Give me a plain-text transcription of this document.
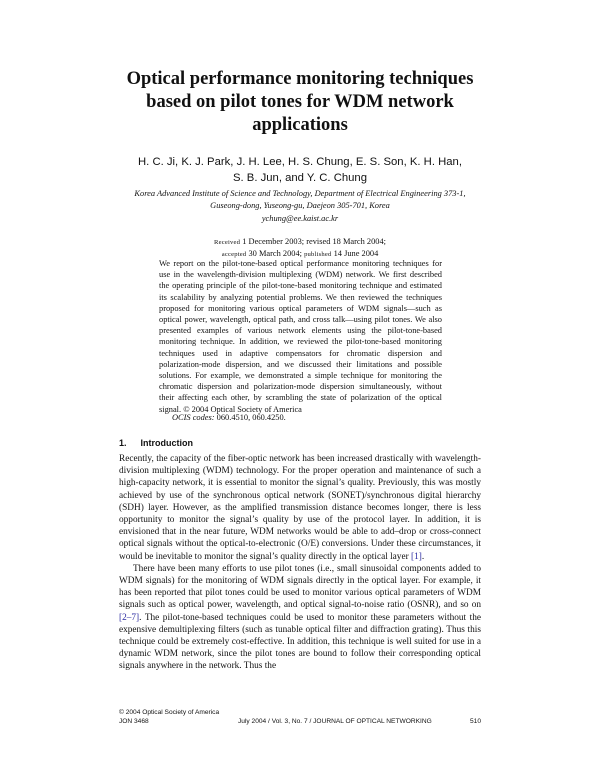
Optical performance monitoring techniques
based on pilot tones for WDM network
applications
H. C. Ji, K. J. Park, J. H. Lee, H. S. Chung, E. S. Son, K. H. Han,
S. B. Jun, and Y. C. Chung
Korea Advanced Institute of Science and Technology, Department of Electrical Engineering 373-1,
Guseong-dong, Yuseong-gu, Daejeon 305-701, Korea
ychung@ee.kaist.ac.kr
Received 1 December 2003; revised 18 March 2004;
accepted 30 March 2004; published 14 June 2004
We report on the pilot-tone-based optical performance monitoring techniques for use in the wavelength-division multiplexing (WDM) network. We first described the operating principle of the pilot-tone-based monitoring technique and estimated its scalability by analyzing potential problems. We then reviewed the techniques proposed for monitoring various optical parameters of WDM signals—such as optical power, wavelength, optical path, and cross talk—using pilot tones. We also presented examples of various network elements using the pilot-tone-based monitoring technique. In addition, we reviewed the pilot-tone-based monitoring techniques used in adaptive compensators for chromatic dispersion and polarization-mode dispersion, and we discussed their limitations and possible solutions. For example, we demonstrated a simple technique for monitoring the chromatic dispersion and polarization-mode dispersion simultaneously, without their affecting each other, by scrambling the state of polarization of the optical signal. © 2004 Optical Society of America
OCIS codes: 060.4510, 060.4250.
1. Introduction

Recently, the capacity of the fiber-optic network has been increased drastically with wavelength-division multiplexing (WDM) technology. For the proper operation and maintenance of such a high-capacity network, it is essential to monitor the signal’s quality. Previously, this was mostly achieved by use of the synchronous optical network (SONET)/synchronous digital hierarchy (SDH) layer. However, as the amplified transmission distance becomes longer, there is less opportunity to monitor the signal’s quality by use of the protocol layer. In addition, it is envisioned that in the near future, WDM networks would be able to add–drop or cross-connect optical signals without the optical-to-electronic (O/E) conversions. Under these circumstances, it would be inevitable to monitor the signal’s quality directly in the optical layer [1].

There have been many efforts to use pilot tones (i.e., small sinusoidal components added to WDM signals) for the monitoring of WDM signals directly in the optical layer. For example, it has been reported that pilot tones could be used to monitor various optical parameters of WDM signals such as optical power, wavelength, and optical signal-to-noise ratio (OSNR), and so on [2–7]. The pilot-tone-based techniques could be used to monitor these parameters without the expensive demultiplexing filters (such as tunable optical filter and diffraction grating). Thus this technique could be extremely cost-effective. In addition, this technique is well suited for use in a dynamic WDM network, since the pilot tones are bound to follow their corresponding optical signals anywhere in the network. Thus the

© 2004 Optical Society of America
JON 3468	July 2004 / Vol. 3, No. 7 / JOURNAL OF OPTICAL NETWORKING	510
